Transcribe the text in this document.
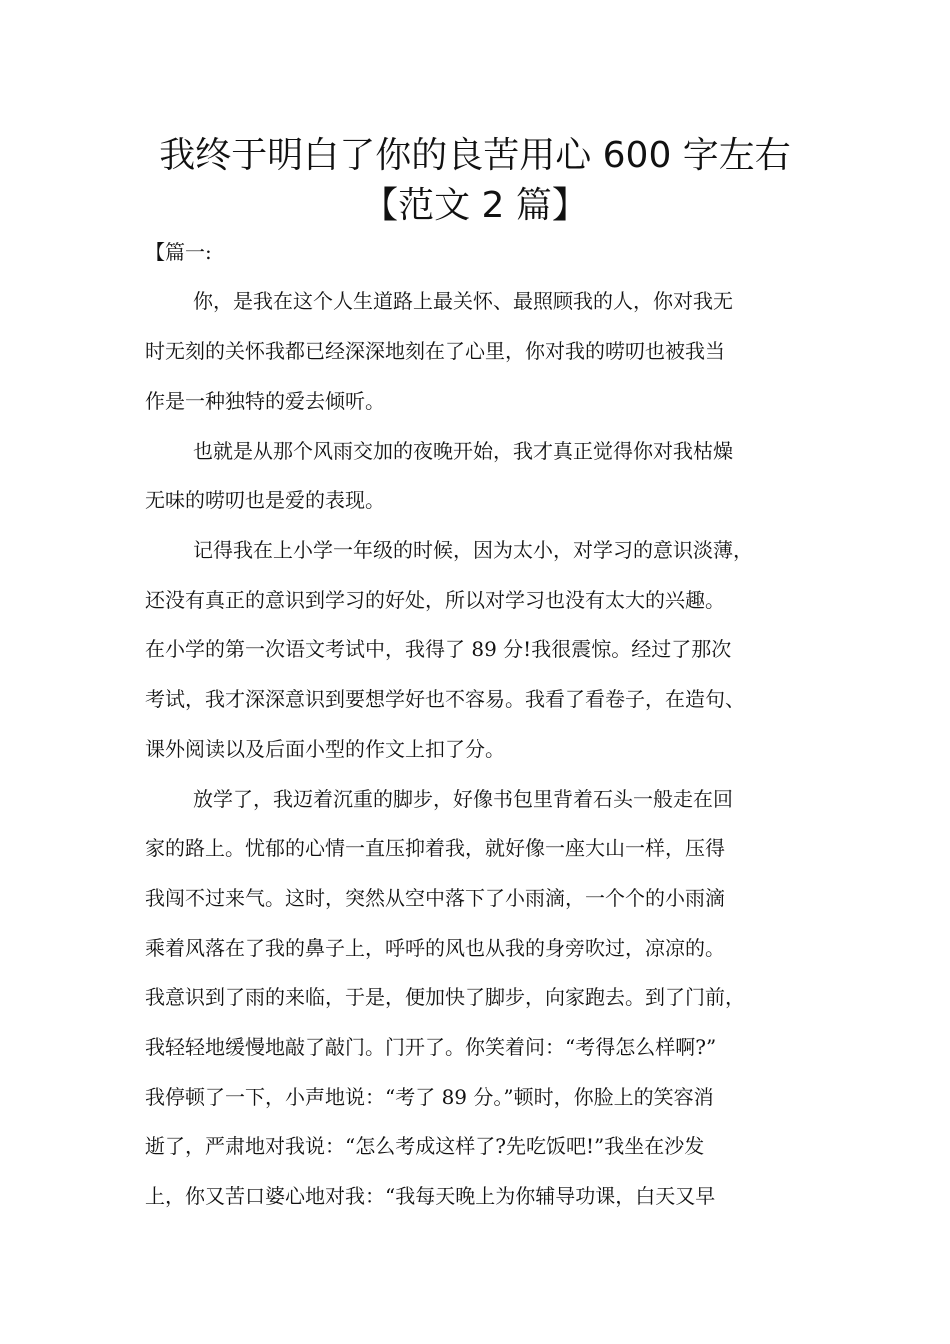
我终于明白了你的良苦用心 600 字左右
【范文 2 篇】

【篇一:

你，是我在这个人生道路上最关怀、最照顾我的人，你对我无

时无刻的关怀我都已经深深地刻在了心里，你对我的唠叨也被我当

作是一种独特的爱去倾听。

也就是从那个风雨交加的夜晚开始，我才真正觉得你对我枯燥

无味的唠叨也是爱的表现。

记得我在上小学一年级的时候，因为太小，对学习的意识淡薄，

还没有真正的意识到学习的好处，所以对学习也没有太大的兴趣。

在小学的第一次语文考试中，我得了 89 分!我很震惊。经过了那次

考试，我才深深意识到要想学好也不容易。我看了看卷子，在造句、

课外阅读以及后面小型的作文上扣了分。

放学了，我迈着沉重的脚步，好像书包里背着石头一般走在回

家的路上。忧郁的心情一直压抑着我，就好像一座大山一样，压得

我闯不过来气。这时，突然从空中落下了小雨滴，一个个的小雨滴

乘着风落在了我的鼻子上，呼呼的风也从我的身旁吹过，凉凉的。

我意识到了雨的来临，于是，便加快了脚步，向家跑去。到了门前，

我轻轻地缓慢地敲了敲门。门开了。你笑着问：“考得怎么样啊?”

我停顿了一下，小声地说：“考了 89 分。”顿时，你脸上的笑容消

逝了，严肃地对我说：“怎么考成这样了?先吃饭吧!”我坐在沙发

上，你又苦口婆心地对我：“我每天晚上为你辅导功课，白天又早
